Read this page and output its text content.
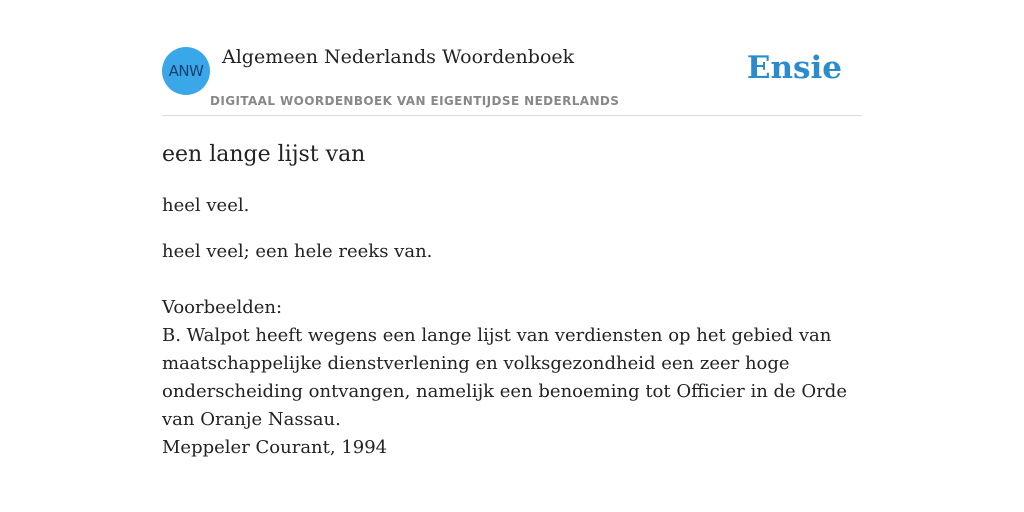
ANW
Algemeen Nederlands Woordenboek
DIGITAAL WOORDENBOEK VAN EIGENTIJDSE NEDERLANDS
Ensie
een lange lijst van

heel veel.

heel veel; een hele reeks van.

Voorbeelden:
B. Walpot heeft wegens een lange lijst van verdiensten op het gebied van maatschappelijke dienstverlening en volksgezondheid een zeer hoge onderscheiding ontvangen, namelijk een benoeming tot Officier in de Orde van Oranje Nassau.
Meppeler Courant, 1994
